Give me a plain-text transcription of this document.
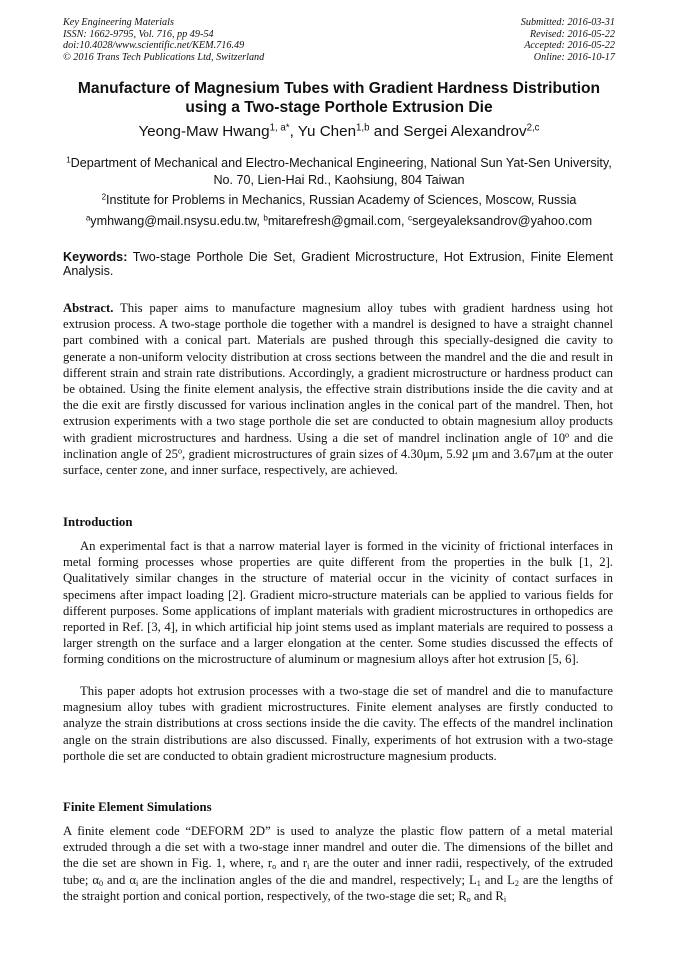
Key Engineering Materials
ISSN: 1662-9795, Vol. 716, pp 49-54
doi:10.4028/www.scientific.net/KEM.716.49
© 2016 Trans Tech Publications Ltd, Switzerland
Submitted: 2016-03-31
Revised: 2016-05-22
Accepted: 2016-05-22
Online: 2016-10-17
Manufacture of Magnesium Tubes with Gradient Hardness Distribution
using a Two-stage Porthole Extrusion Die
Yeong-Maw Hwang$^{1, a*}$, Yu Chen$^{1,b}$ and Sergei Alexandrov$^{2,c}$
$^1$Department of Mechanical and Electro-Mechanical Engineering, National Sun Yat-Sen University, No. 70, Lien-Hai Rd., Kaohsiung, 804 Taiwan
$^2$Institute for Problems in Mechanics, Russian Academy of Sciences, Moscow, Russia
$^a$ymhwang@mail.nsysu.edu.tw, $^b$mitarefresh@gmail.com, $^c$sergeyaleksandrov@yahoo.com
Keywords: Two-stage Porthole Die Set, Gradient Microstructure, Hot Extrusion, Finite Element Analysis.

Abstract. This paper aims to manufacture magnesium alloy tubes with gradient hardness using hot extrusion process. A two-stage porthole die together with a mandrel is designed to have a straight channel part combined with a conical part. Materials are pushed through this specially-designed die cavity to generate a non-uniform velocity distribution at cross sections between the mandrel and the die and result in different strain and strain rate distributions. Accordingly, a gradient microstructure or hardness product can be obtained. Using the finite element analysis, the effective strain distributions inside the die cavity and at the die exit are firstly discussed for various inclination angles in the conical part of the mandrel. Then, hot extrusion experiments with a two stage porthole die set are conducted to obtain magnesium alloy products with gradient microstructures and hardness. Using a die set of mandrel inclination angle of 10$^o$ and die inclination angle of 25$^o$, gradient microstructures of grain sizes of 4.30μm, 5.92 μm and 3.67μm at the outer surface, center zone, and inner surface, respectively, are achieved.

Introduction

An experimental fact is that a narrow material layer is formed in the vicinity of frictional interfaces in metal forming processes whose properties are quite different from the properties in the bulk [1, 2]. Qualitatively similar changes in the structure of material occur in the vicinity of contact surfaces in specimens after impact loading [2]. Gradient micro-structure materials can be applied to various fields for different purposes. Some applications of implant materials with gradient microstructures in orthopedics are reported in Ref. [3, 4], in which artificial hip joint stems used as implant materials are required to possess a larger strength on the surface and a larger elongation at the center. Some studies discussed the effects of forming conditions on the microstructure of aluminum or magnesium alloys after hot extrusion [5, 6].

This paper adopts hot extrusion processes with a two-stage die set of mandrel and die to manufacture magnesium alloy tubes with gradient microstructures. Finite element analyses are firstly conducted to analyze the strain distributions at cross sections inside the die cavity. The effects of the mandrel inclination angle on the strain distributions are also discussed. Finally, experiments of hot extrusion with a two-stage porthole die set are conducted to obtain gradient microstructure magnesium products.

Finite Element Simulations

A finite element code “DEFORM 2D” is used to analyze the plastic flow pattern of a metal material extruded through a die set with a two-stage inner mandrel and outer die. The dimensions of the billet and the die set are shown in Fig. 1, where, $r_o$ and $r_i$ are the outer and inner radii, respectively, of the extruded tube; $\alpha_0$ and $\alpha_i$ are the inclination angles of the die and mandrel, respectively; $L_1$ and $L_2$ are the lengths of the straight portion and conical portion, respectively, of the two-stage die set; $R_o$ and $R_i$
